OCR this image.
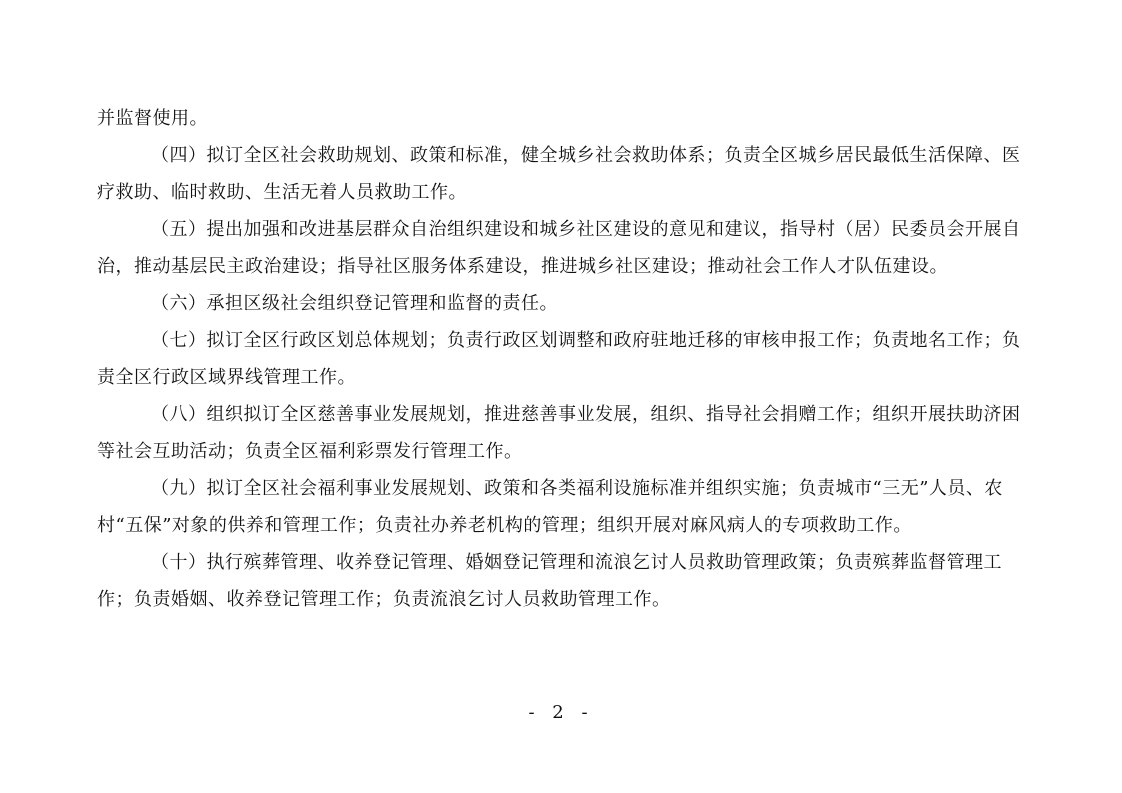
并监督使用。

（四）拟订全区社会救助规划、政策和标准，健全城乡社会救助体系；负责全区城乡居民最低生活保障、医疗救助、临时救助、生活无着人员救助工作。

（五）提出加强和改进基层群众自治组织建设和城乡社区建设的意见和建议，指导村（居）民委员会开展自治，推动基层民主政治建设；指导社区服务体系建设，推进城乡社区建设；推动社会工作人才队伍建设。

（六）承担区级社会组织登记管理和监督的责任。

（七）拟订全区行政区划总体规划；负责行政区划调整和政府驻地迁移的审核申报工作；负责地名工作；负责全区行政区域界线管理工作。

（八）组织拟订全区慈善事业发展规划，推进慈善事业发展，组织、指导社会捐赠工作；组织开展扶助济困等社会互助活动；负责全区福利彩票发行管理工作。

（九）拟订全区社会福利事业发展规划、政策和各类福利设施标准并组织实施；负责城市“三无”人员、农村“五保”对象的供养和管理工作；负责社办养老机构的管理；组织开展对麻风病人的专项救助工作。

（十）执行殡葬管理、收养登记管理、婚姻登记管理和流浪乞讨人员救助管理政策；负责殡葬监督管理工作；负责婚姻、收养登记管理工作；负责流浪乞讨人员救助管理工作。

- 2 -
